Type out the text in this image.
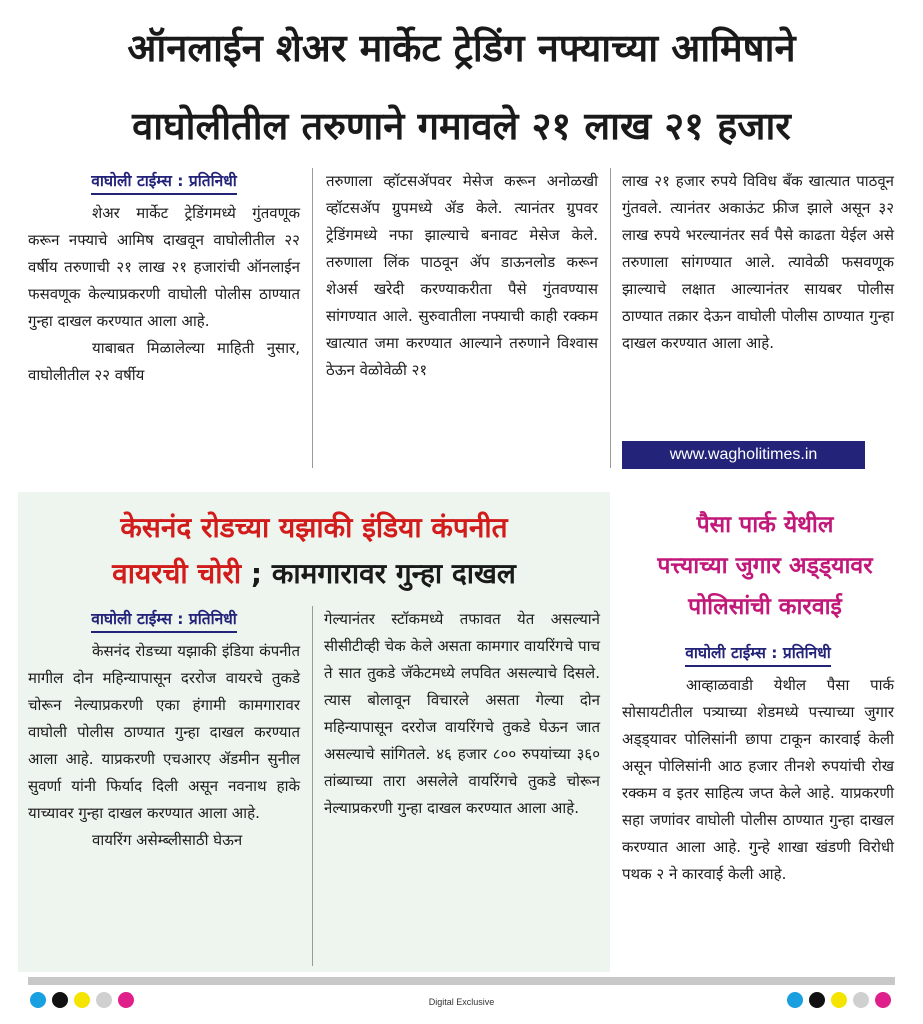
ऑनलाईन शेअर मार्केट ट्रेडिंग नफ्याच्या आमिषाने
वाघोलीतील तरुणाने गमावले २१ लाख २१ हजार
वाघोली टाईम्स : प्रतिनिधी

शेअर मार्केट ट्रेडिंगमध्ये गुंतवणूक करून नफ्याचे आमिष दाखवून वाघोलीतील २२ वर्षीय तरुणाची २१ लाख २१ हजारांची ऑनलाईन फसवणूक केल्याप्रकरणी वाघोली पोलीस ठाण्यात गुन्हा दाखल करण्यात आला आहे.

याबाबत मिळालेल्या माहिती नुसार, वाघोलीतील २२ वर्षीय

तरुणाला व्हॉटसॲपवर मेसेज करून अनोळखी व्हॉटसॲप ग्रुपमध्ये ॲड केले. त्यानंतर ग्रुपवर ट्रेडिंगमध्ये नफा झाल्याचे बनावट मेसेज केले. तरुणाला लिंक पाठवून ॲप डाऊनलोड करून शेअर्स खरेदी करण्याकरीता पैसे गुंतवण्यास सांगण्यात आले. सुरुवातीला नफ्याची काही रक्कम खात्यात जमा करण्यात आल्याने तरुणाने विश्वास ठेऊन वेळोवेळी २१

लाख २१ हजार रुपये विविध बँक खात्यात पाठवून गुंतवले. त्यानंतर अकाऊंट फ्रीज झाले असून ३२ लाख रुपये भरल्यानंतर सर्व पैसे काढता येईल असे तरुणाला सांगण्यात आले. त्यावेळी फसवणूक झाल्याचे लक्षात आल्यानंतर सायबर पोलीस ठाण्यात तक्रार देऊन वाघोली पोलीस ठाण्यात गुन्हा दाखल करण्यात आला आहे.

www.wagholitimes.in
केसनंद रोडच्या यझाकी इंडिया कंपनीत
वायरची चोरी ; कामगारावर गुन्हा दाखल
वाघोली टाईम्स : प्रतिनिधी

केसनंद रोडच्या यझाकी इंडिया कंपनीत मागील दोन महिन्यापासून दररोज वायरचे तुकडे चोरून नेल्याप्रकरणी एका हंगामी कामगारावर वाघोली पोलीस ठाण्यात गुन्हा दाखल करण्यात आला आहे. याप्रकरणी एचआरए ॲडमीन सुनील सुवर्णा यांनी फिर्याद दिली असून नवनाथ हाके याच्यावर गुन्हा दाखल करण्यात आला आहे.

वायरिंग असेम्ब्लीसाठी घेऊन

गेल्यानंतर स्टॉकमध्ये तफावत येत असल्याने सीसीटीव्ही चेक केले असता कामगार वायरिंगचे पाच ते सात तुकडे जॅकेटमध्ये लपवित असल्याचे दिसले. त्यास बोलावून विचारले असता गेल्या दोन महिन्यापासून दररोज वायरिंगचे तुकडे घेऊन जात असल्याचे सांगितले. ४६ हजार ८०० रुपयांच्या ३६० तांब्याच्या तारा असलेले वायरिंगचे तुकडे चोरून नेल्याप्रकरणी गुन्हा दाखल करण्यात आला आहे.

पैसा पार्क येथील
पत्त्याच्या जुगार अड्ड्यावर
पोलिसांची कारवाई
वाघोली टाईम्स : प्रतिनिधी

आव्हाळवाडी येथील पैसा पार्क सोसायटीतील पत्र्याच्या शेडमध्ये पत्त्याच्या जुगार अड्ड्यावर पोलिसांनी छापा टाकून कारवाई केली असून पोलिसांनी आठ हजार तीनशे रुपयांची रोख रक्कम व इतर साहित्य जप्त केले आहे. याप्रकरणी सहा जणांवर वाघोली पोलीस ठाण्यात गुन्हा दाखल करण्यात आला आहे. गुन्हे शाखा खंडणी विरोधी पथक २ ने कारवाई केली आहे.

Digital Exclusive
